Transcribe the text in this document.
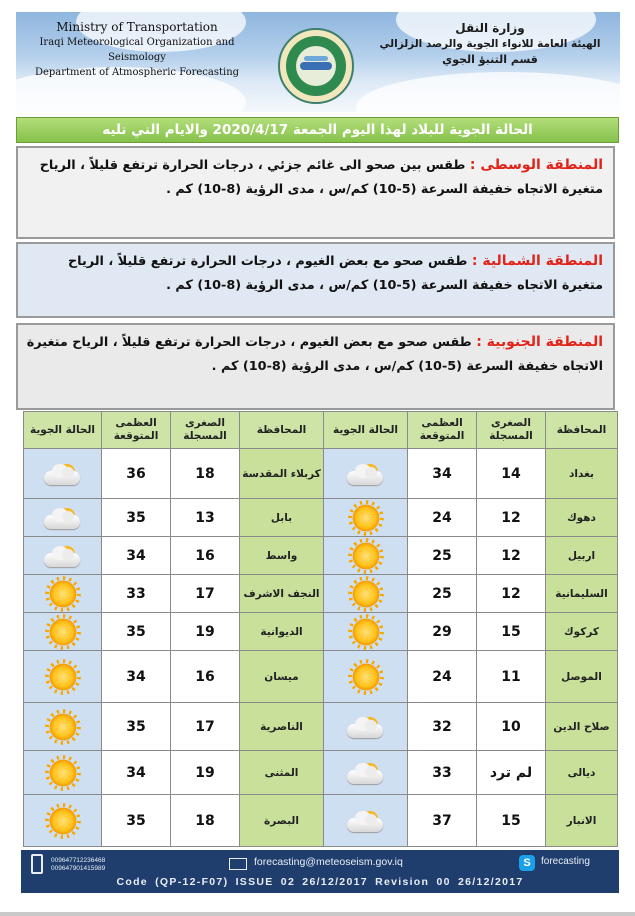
Ministry of Transportation
Iraqi Meteorological Organization and Seismology
Department of Atmospheric Forecasting
وزارة النقل
الهيئة العامة للانواء الجوية والرصد الزلزالي
قسم التنبؤ الجوي
الحالة الجوية للبلاد لهذا اليوم الجمعة 2020/4/17 والايام التي تليه
المنطقة الوسطى : طقس بين صحو الى غائم جزئي ، درجات الحرارة ترتفع قليلاً ، الرياح متغيرة الاتجاه خفيفة السرعة (5-10) كم/س ، مدى الرؤية (8-10) كم .
المنطقة الشمالية : طقس صحو مع بعض الغيوم ، درجات الحرارة ترتفع قليلاً ، الرياح متغيرة الاتجاه خفيفة السرعة (5-10) كم/س ، مدى الرؤية (8-10) كم .
المنطقة الجنوبية : طقس صحو مع بعض الغيوم ، درجات الحرارة ترتفع قليلاً ، الرياح متغيرة الاتجاه خفيفة السرعة (5-10) كم/س ، مدى الرؤية (8-10) كم .
المحافظة	الصغرى المسجلة	العظمى المتوقعة	الحالة الجوية	المحافظة	الصغرى المسجلة	العظمى المتوقعة	الحالة الجوية
بغداد	14	34		كربلاء المقدسة	18	36	

دهوك	12	24		بابل	13	35	

اربيل	12	25		واسط	16	34	

السليمانية	12	25		النجف الاشرف	17	33	

كركوك	15	29		الديوانية	19	35	

الموصل	11	24		ميسان	16	34	

صلاح الدين	10	32		الناصرية	17	35	

ديالى	لم ترد	33		المثنى	19	34	

الانبار	15	37		البصرة	18	35	
009647712236468
009647901415989
forecasting@meteoseism.gov.iq	S	forecasting
Code (QP-12-F07) ISSUE 02 26/12/2017 Revision 00 26/12/2017
